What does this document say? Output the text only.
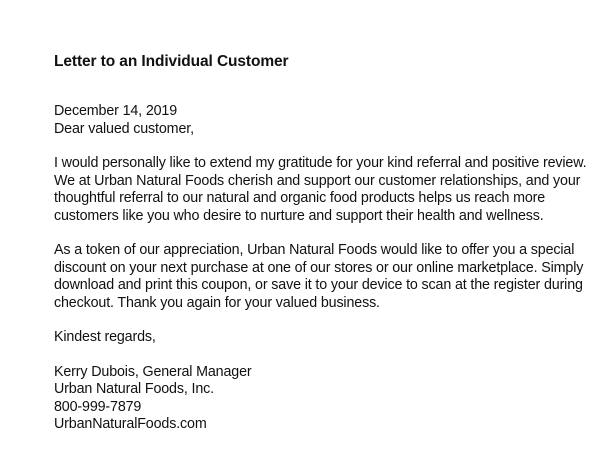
Letter to an Individual Customer
December 14, 2019
Dear valued customer,
I would personally like to extend my gratitude for your kind referral and positive review.
We at Urban Natural Foods cherish and support our customer relationships, and your
thoughtful referral to our natural and organic food products helps us reach more
customers like you who desire to nurture and support their health and wellness.
As a token of our appreciation, Urban Natural Foods would like to offer you a special
discount on your next purchase at one of our stores or our online marketplace. Simply
download and print this coupon, or save it to your device to scan at the register during
checkout. Thank you again for your valued business.
Kindest regards,
Kerry Dubois, General Manager
Urban Natural Foods, Inc.
800-999-7879
UrbanNaturalFoods.com
